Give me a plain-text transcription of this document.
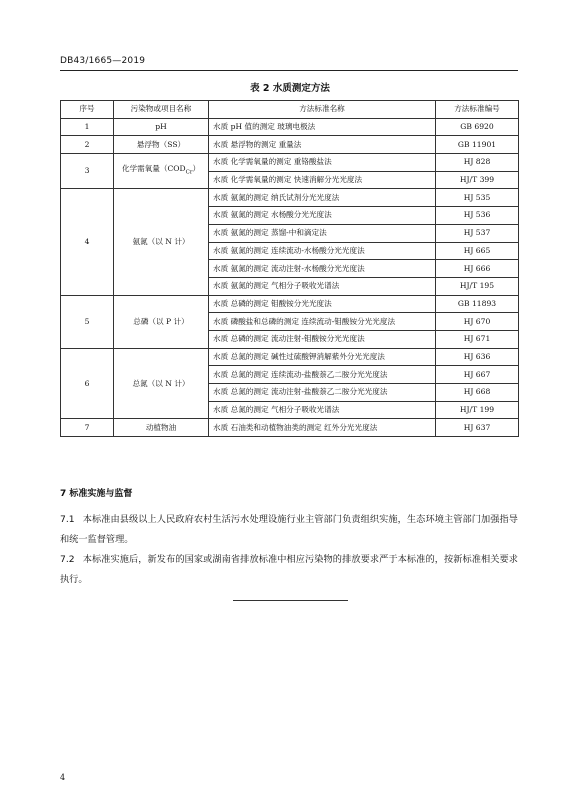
DB43/1665—2019
表 2 水质测定方法
序号	污染物或项目名称	方法标准名称	方法标准编号
1	pH	水质 pH 值的测定 玻璃电极法	GB 6920
2	悬浮物（SS）	水质 悬浮物的测定 重量法	GB 11901
3	化学需氧量$(COD_{Cr})$	水质 化学需氧量的测定 重铬酸盐法	HJ 828
		水质 化学需氧量的测定 快速消解分光光度法	HJ/T 399
4	氨氮（以 N 计）	水质 氨氮的测定 纳氏试剂分光光度法	HJ 535
		水质 氨氮的测定 水杨酸分光光度法	HJ 536
		水质 氨氮的测定 蒸馏-中和滴定法	HJ 537
		水质 氨氮的测定 连续流动-水杨酸分光光度法	HJ 665
		水质 氨氮的测定 流动注射-水杨酸分光光度法	HJ 666
		水质 氨氮的测定 气相分子吸收光谱法	HJ/T 195
5	总磷（以 P 计）	水质 总磷的测定 钼酸铵分光光度法	GB 11893
		水质 磷酸盐和总磷的测定 连续流动-钼酸铵分光光度法	HJ 670
		水质 总磷的测定 流动注射-钼酸铵分光光度法	HJ 671
6	总氮（以 N 计）	水质 总氮的测定 碱性过硫酸钾消解紫外分光光度法	HJ 636
		水质 总氮的测定 连续流动-盐酸萘乙二胺分光光度法	HJ 667
		水质 总氮的测定 流动注射-盐酸萘乙二胺分光光度法	HJ 668
		水质 总氮的测定 气相分子吸收光谱法	HJ/T 199
7	动植物油	水质 石油类和动植物油类的测定 红外分光光度法	HJ 637
7 标准实施与监督
7.1 本标准由县级以上人民政府农村生活污水处理设施行业主管部门负责组织实施，生态环境主管部门加强指导和统一监督管理。
7.2 本标准实施后，新发布的国家或湖南省排放标准中相应污染物的排放要求严于本标准的，按新标准相关要求执行。
4
